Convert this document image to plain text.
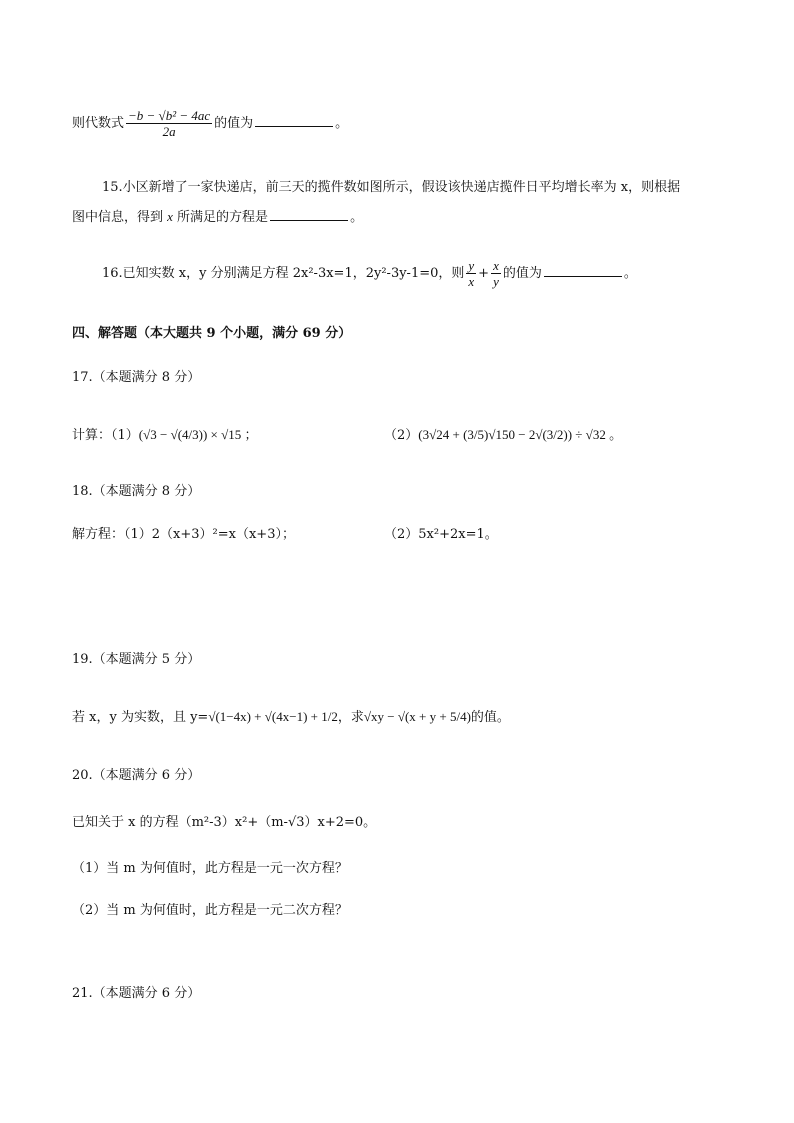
则代数式 $\frac{\text{−b − √b² − 4ac}}{2a}$ 的值为	。
15.小区新增了一家快递店，前三天的揽件数如图所示，假设该快递店揽件日平均增长率为 x，则根据
图中信息，得到 x 所满足的方程是	。
16.已知实数 x，y 分别满足方程 2x²-3x=1，2y²-3y-1=0，则 $\frac{y}{x} + \frac{x}{y}$ 的值为	。
四、解答题（本大题共 9 个小题，满分 69 分）
17.（本题满分 8 分）
计算：（1）(√3 − √(4/3)) × √15 ；	（2）(3√24 + (3/5)√150 − 2√(3/2)) ÷ √32 。
18.（本题满分 8 分）
解方程：（1）2（x+3）²=x（x+3）；	（2）5x²+2x=1。
19.（本题满分 5 分）
若 x，y 为实数，且 y=√(1−4x) + √(4x−1) + 1/2，求√xy − √(x + y + 5/4)的值。
20.（本题满分 6 分）
已知关于 x 的方程（m²-3）x²+（m-√3）x+2=0。
（1）当 m 为何值时，此方程是一元一次方程？
（2）当 m 为何值时，此方程是一元二次方程？
21.（本题满分 6 分）
